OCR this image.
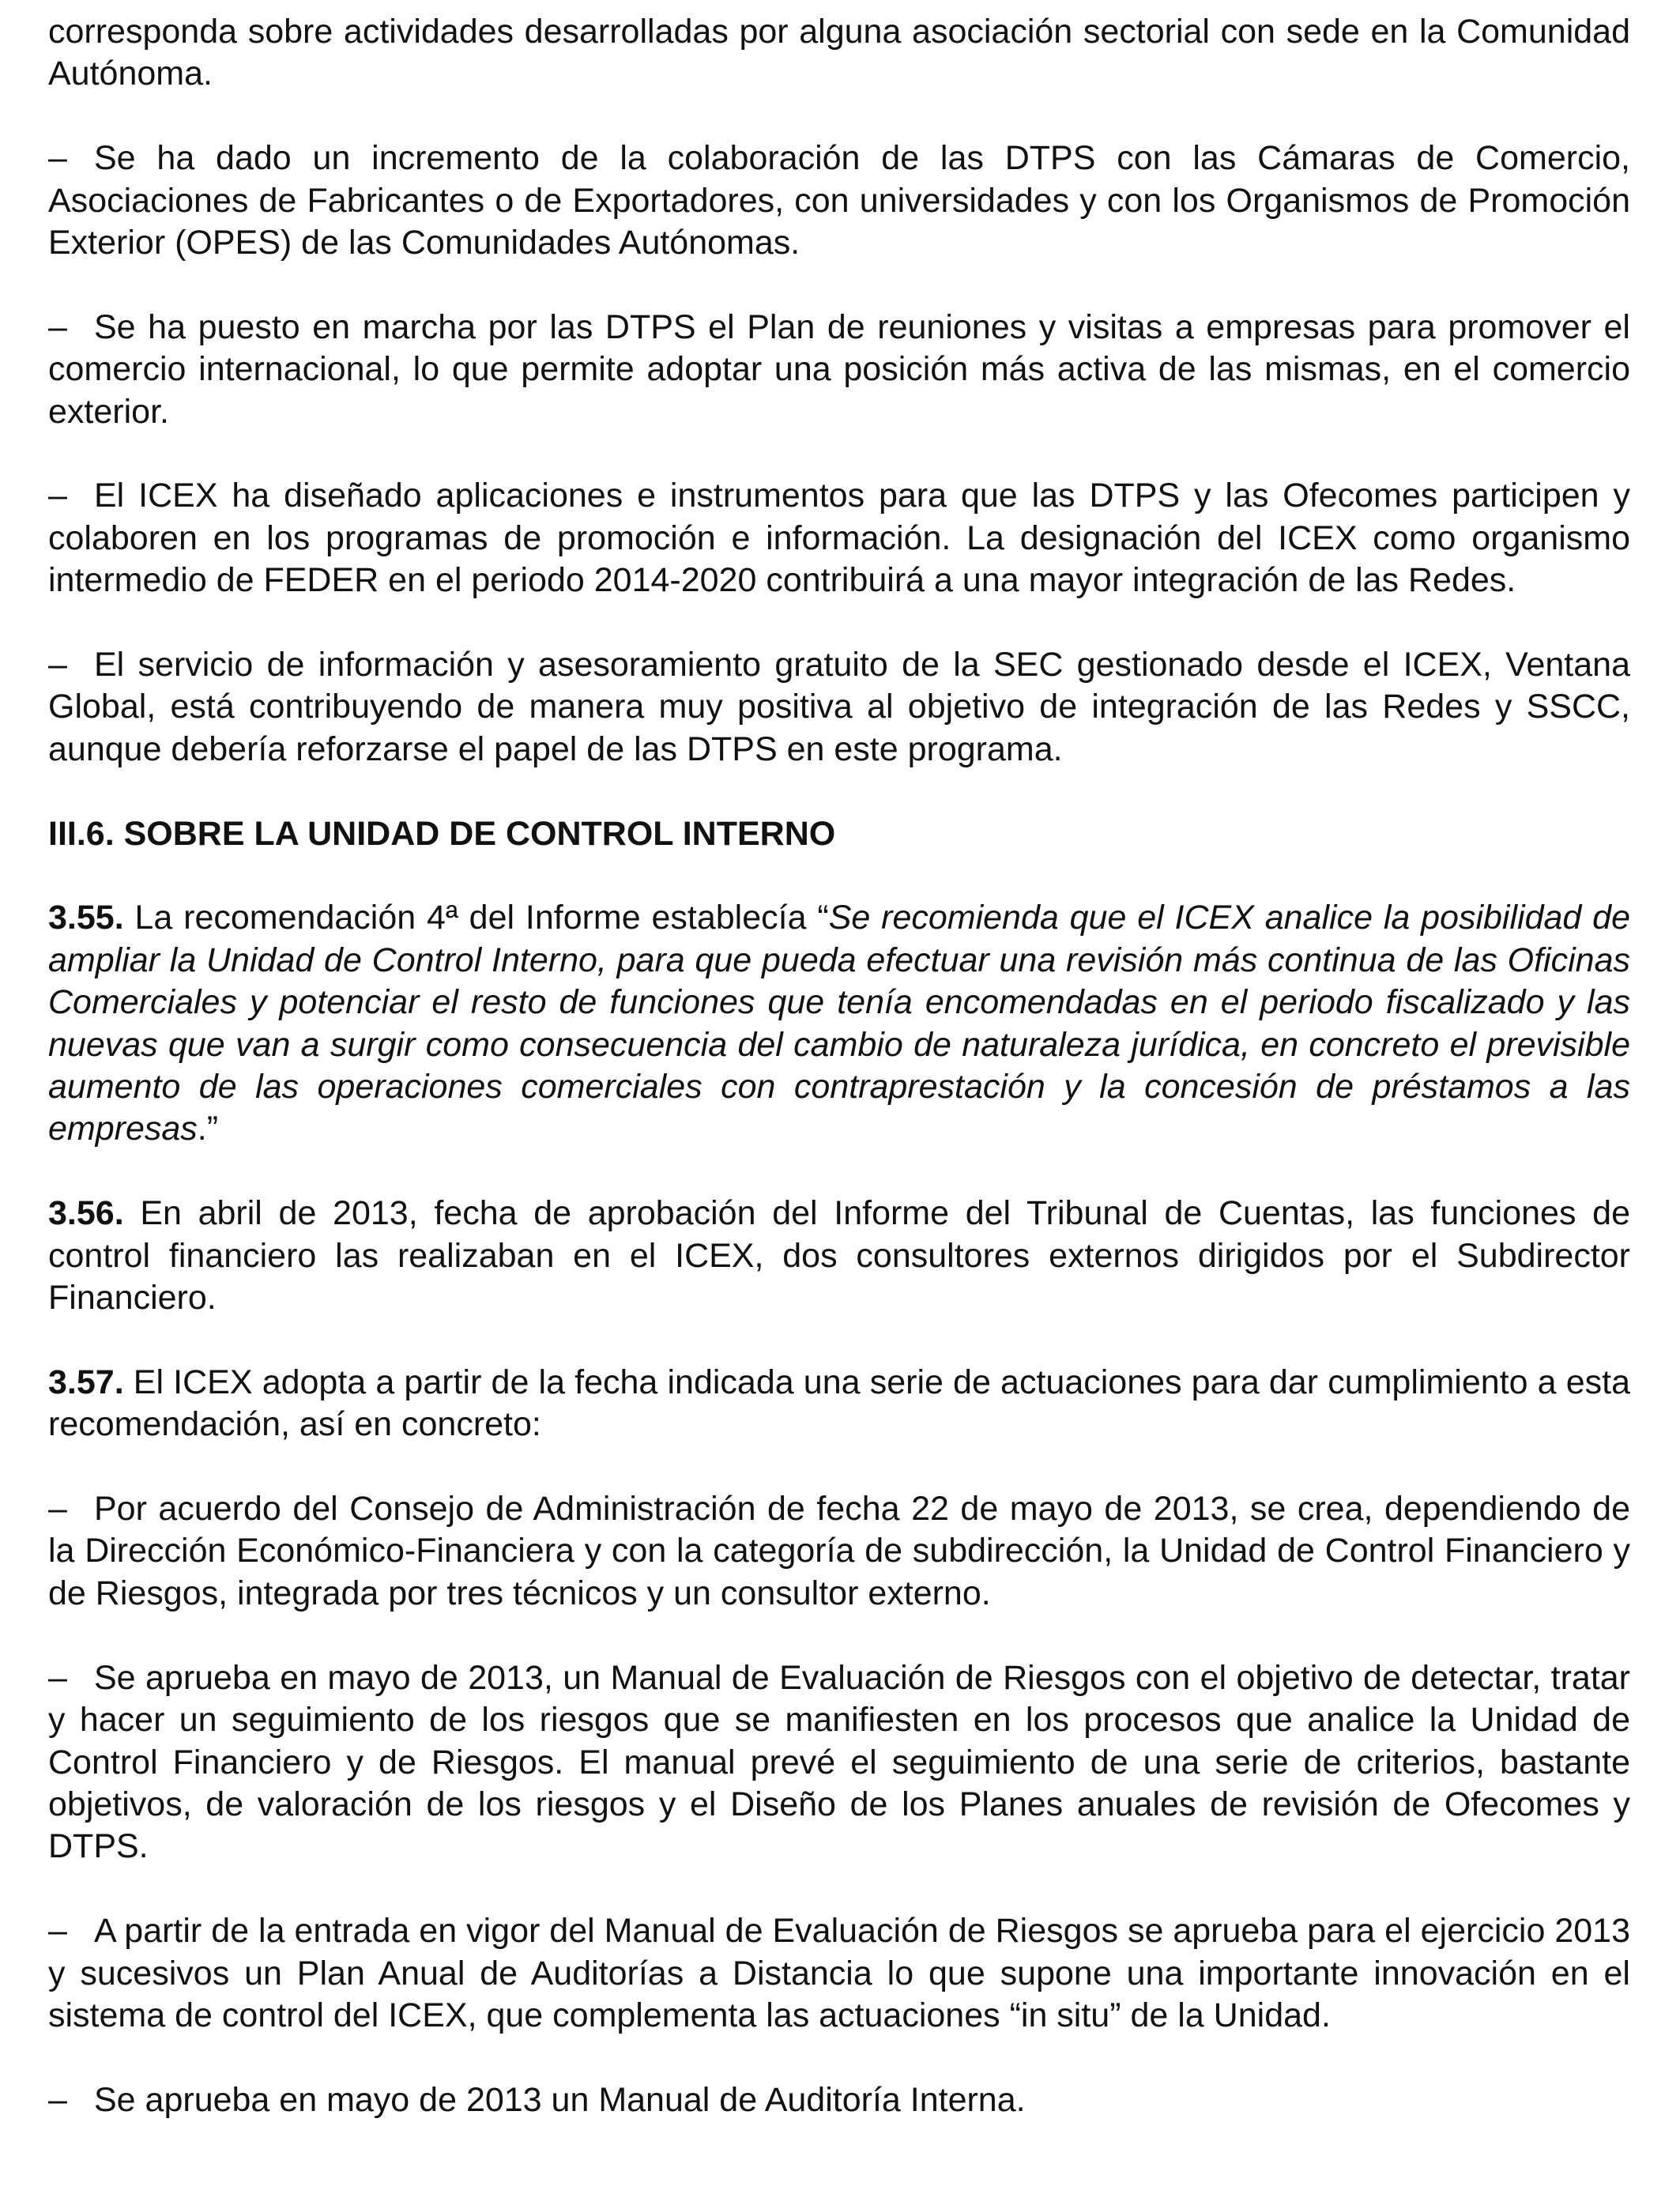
corresponda sobre actividades desarrolladas por alguna asociación sectorial con sede en la Comunidad Autónoma.

– Se ha dado un incremento de la colaboración de las DTPS con las Cámaras de Comercio, Asociaciones de Fabricantes o de Exportadores, con universidades y con los Organismos de Promoción Exterior (OPES) de las Comunidades Autónomas.

– Se ha puesto en marcha por las DTPS el Plan de reuniones y visitas a empresas para promover el comercio internacional, lo que permite adoptar una posición más activa de las mismas, en el comercio exterior.

– El ICEX ha diseñado aplicaciones e instrumentos para que las DTPS y las Ofecomes participen y colaboren en los programas de promoción e información. La designación del ICEX como organismo intermedio de FEDER en el periodo 2014-2020 contribuirá a una mayor integración de las Redes.

– El servicio de información y asesoramiento gratuito de la SEC gestionado desde el ICEX, Ventana Global, está contribuyendo de manera muy positiva al objetivo de integración de las Redes y SSCC, aunque debería reforzarse el papel de las DTPS en este programa.

III.6. SOBRE LA UNIDAD DE CONTROL INTERNO

3.55. La recomendación 4ª del Informe establecía “Se recomienda que el ICEX analice la posibilidad de ampliar la Unidad de Control Interno, para que pueda efectuar una revisión más continua de las Oficinas Comerciales y potenciar el resto de funciones que tenía encomendadas en el periodo fiscalizado y las nuevas que van a surgir como consecuencia del cambio de naturaleza jurídica, en concreto el previsible aumento de las operaciones comerciales con contraprestación y la concesión de préstamos a las empresas.”

3.56. En abril de 2013, fecha de aprobación del Informe del Tribunal de Cuentas, las funciones de control financiero las realizaban en el ICEX, dos consultores externos dirigidos por el Subdirector Financiero.

3.57. El ICEX adopta a partir de la fecha indicada una serie de actuaciones para dar cumplimiento a esta recomendación, así en concreto:

– Por acuerdo del Consejo de Administración de fecha 22 de mayo de 2013, se crea, dependiendo de la Dirección Económico-Financiera y con la categoría de subdirección, la Unidad de Control Financiero y de Riesgos, integrada por tres técnicos y un consultor externo.

– Se aprueba en mayo de 2013, un Manual de Evaluación de Riesgos con el objetivo de detectar, tratar y hacer un seguimiento de los riesgos que se manifiesten en los procesos que analice la Unidad de Control Financiero y de Riesgos. El manual prevé el seguimiento de una serie de criterios, bastante objetivos, de valoración de los riesgos y el Diseño de los Planes anuales de revisión de Ofecomes y DTPS.

– A partir de la entrada en vigor del Manual de Evaluación de Riesgos se aprueba para el ejercicio 2013 y sucesivos un Plan Anual de Auditorías a Distancia lo que supone una importante innovación en el sistema de control del ICEX, que complementa las actuaciones “in situ” de la Unidad.

– Se aprueba en mayo de 2013 un Manual de Auditoría Interna.
